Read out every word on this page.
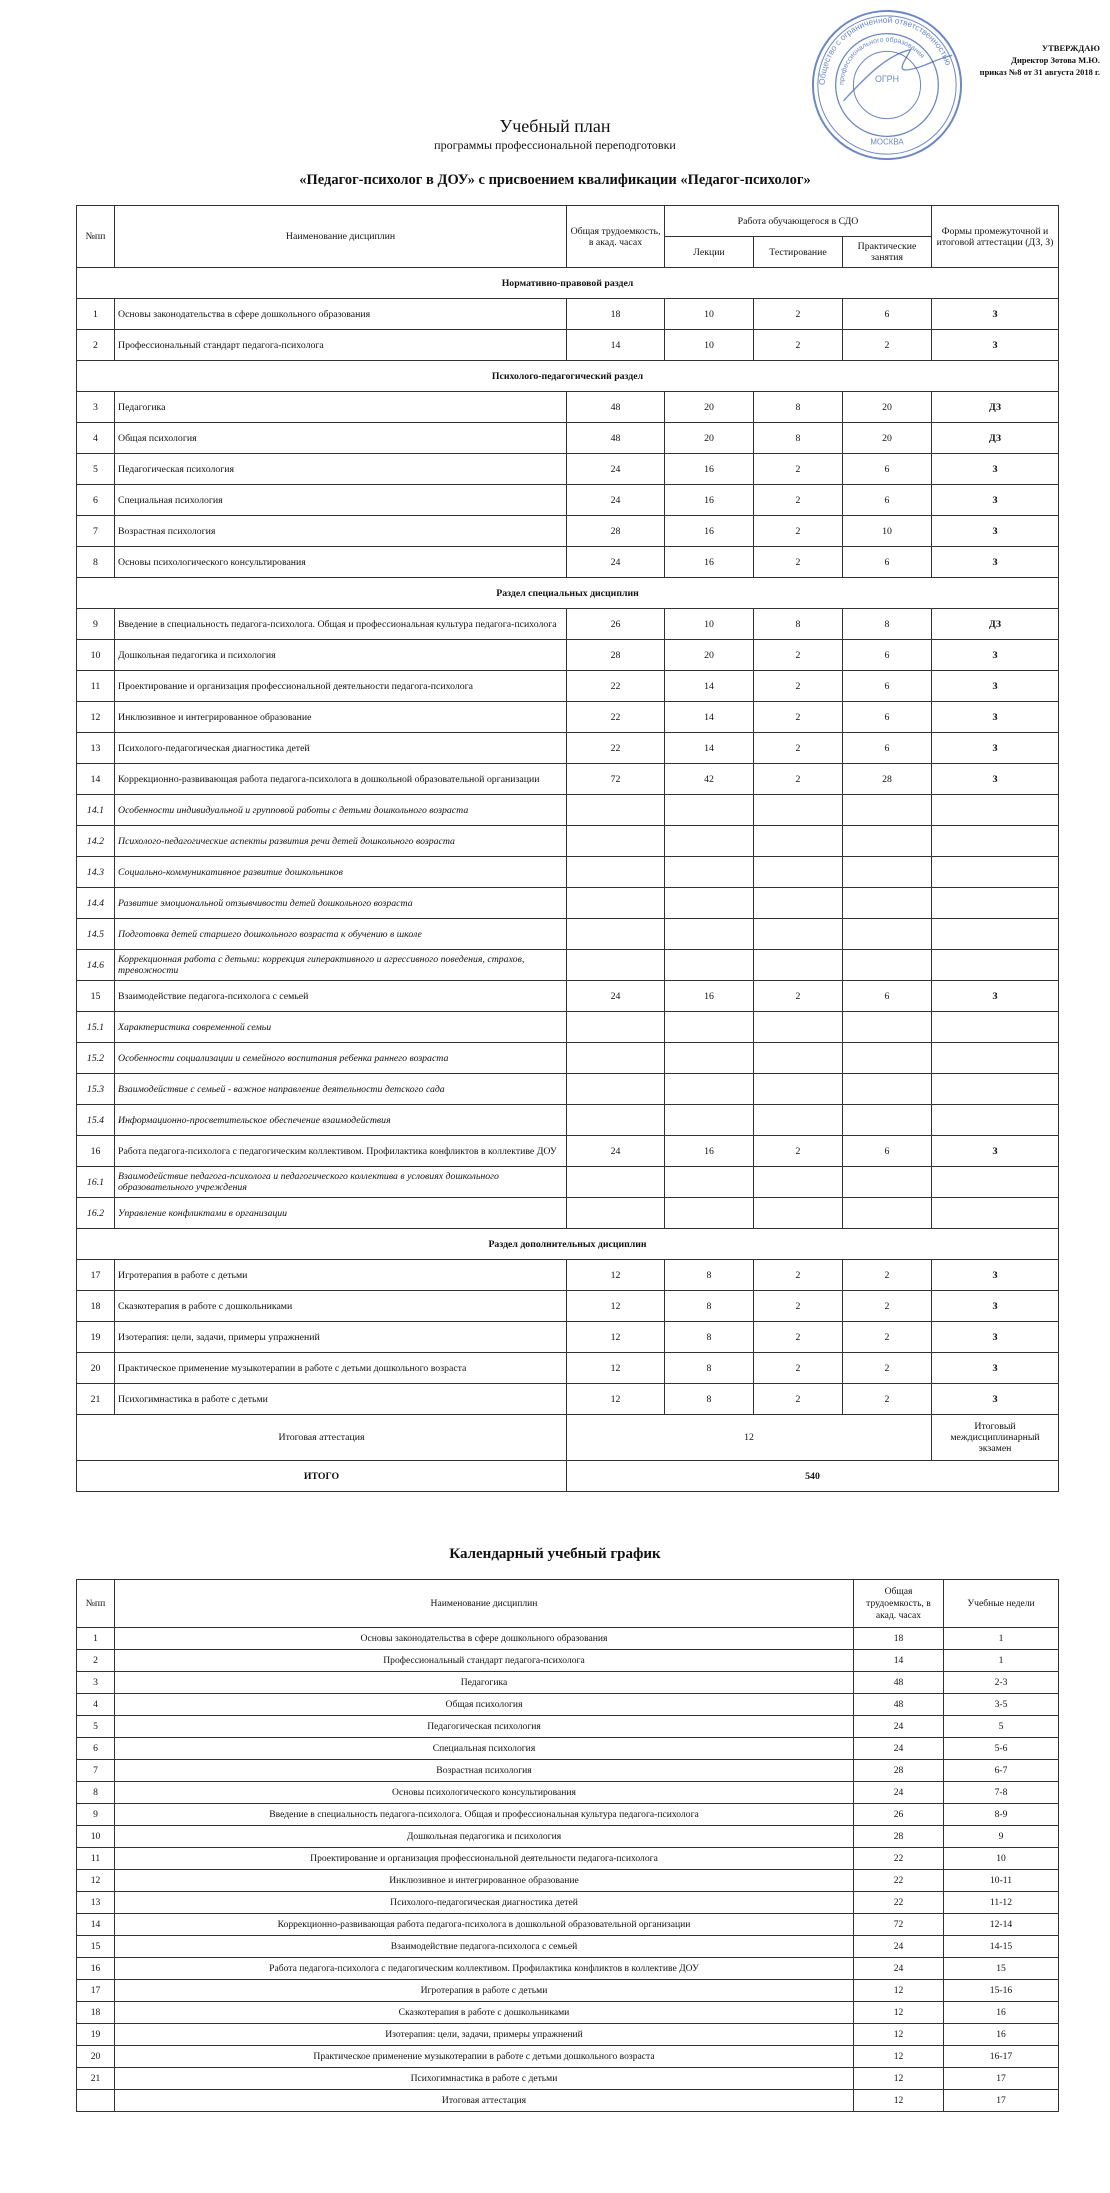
Общество с ограниченной ответственностью
профессионального образования
ОГРН
МОСКВА
УТВЕРЖДАЮ
Директор Зотова М.Ю.
приказ №8 от 31 августа 2018 г.
Учебный план
программы профессиональной переподготовки
«Педагог-психолог в ДОУ» с присвоением квалификации «Педагог-психолог»
№пп	Наименование дисциплин	Общая трудоемкость, в акад. часах	Работа обучающегося в СДО			Формы промежуточной и итоговой аттестации (ДЗ, З)
			Лекции	Тестирование	Практические занятия	
Нормативно-правовой раздел						
1	Основы законодательства в сфере дошкольного образования	18	10	2	6	З
2	Профессиональный стандарт педагога-психолога	14	10	2	2	З
Психолого-педагогический раздел						
3	Педагогика	48	20	8	20	ДЗ
4	Общая психология	48	20	8	20	ДЗ
5	Педагогическая психология	24	16	2	6	З
6	Специальная психология	24	16	2	6	З
7	Возрастная психология	28	16	2	10	З
8	Основы психологического консультирования	24	16	2	6	З
Раздел специальных дисциплин						
9	Введение в специальность педагога-психолога. Общая и профессиональная культура педагога-психолога	26	10	8	8	ДЗ
10	Дошкольная педагогика и психология	28	20	2	6	З
11	Проектирование и организация профессиональной деятельности педагога-психолога	22	14	2	6	З
12	Инклюзивное и интегрированное образование	22	14	2	6	З
13	Психолого-педагогическая диагностика детей	22	14	2	6	З
14	Коррекционно-развивающая работа педагога-психолога в дошкольной образовательной организации	72	42	2	28	З
14.1	Особенности индивидуальной и групповой работы с детьми дошкольного возраста					
14.2	Психолого-педагогические аспекты развития речи детей дошкольного возраста					
14.3	Социально-коммуникативное развитие дошкольников					
14.4	Развитие эмоциональной отзывчивости детей дошкольного возраста					
14.5	Подготовка детей старшего дошкольного возраста к обучению в школе					
14.6	Коррекционная работа с детьми: коррекция гиперактивного и агрессивного поведения, страхов, тревожности					
15	Взаимодействие педагога-психолога с семьей	24	16	2	6	З
15.1	Характеристика современной семьи					
15.2	Особенности социализации и семейного воспитания ребенка раннего возраста					
15.3	Взаимодействие с семьей - важное направление деятельности детского сада					
15.4	Информационно-просветительское обеспечение взаимодействия					
16	Работа педагога-психолога с педагогическим коллективом. Профилактика конфликтов в коллективе ДОУ	24	16	2	6	З
16.1	Взаимодействие педагога-психолога и педагогического коллектива в условиях дошкольного образовательного учреждения					
16.2	Управление конфликтами в организации					
Раздел дополнительных дисциплин						
17	Игротерапия в работе с детьми	12	8	2	2	З
18	Сказкотерапия в работе с дошкольниками	12	8	2	2	З
19	Изотерапия: цели, задачи, примеры упражнений	12	8	2	2	З
20	Практическое применение музыкотерапии в работе с детьми дошкольного возраста	12	8	2	2	З
21	Психогимнастика в работе с детьми	12	8	2	2	З
Итоговая аттестация		12				Итоговый междисциплинарный экзамен
ИТОГО		540				
Календарный учебный график
№пп	Наименование дисциплин	Общая трудоемкость, в акад. часах	Учебные недели
1	Основы законодательства в сфере дошкольного образования	18	1
2	Профессиональный стандарт педагога-психолога	14	1
3	Педагогика	48	2-3
4	Общая психология	48	3-5
5	Педагогическая психология	24	5
6	Специальная психология	24	5-6
7	Возрастная психология	28	6-7
8	Основы психологического консультирования	24	7-8
9	Введение в специальность педагога-психолога. Общая и профессиональная культура педагога-психолога	26	8-9
10	Дошкольная педагогика и психология	28	9
11	Проектирование и организация профессиональной деятельности педагога-психолога	22	10
12	Инклюзивное и интегрированное образование	22	10-11
13	Психолого-педагогическая диагностика детей	22	11-12
14	Коррекционно-развивающая работа педагога-психолога в дошкольной образовательной организации	72	12-14
15	Взаимодействие педагога-психолога с семьей	24	14-15
16	Работа педагога-психолога с педагогическим коллективом. Профилактика конфликтов в коллективе ДОУ	24	15
17	Игротерапия в работе с детьми	12	15-16
18	Сказкотерапия в работе с дошкольниками	12	16
19	Изотерапия: цели, задачи, примеры упражнений	12	16
20	Практическое применение музыкотерапии в работе с детьми дошкольного возраста	12	16-17
21	Психогимнастика в работе с детьми	12	17
	Итоговая аттестация	12	17
